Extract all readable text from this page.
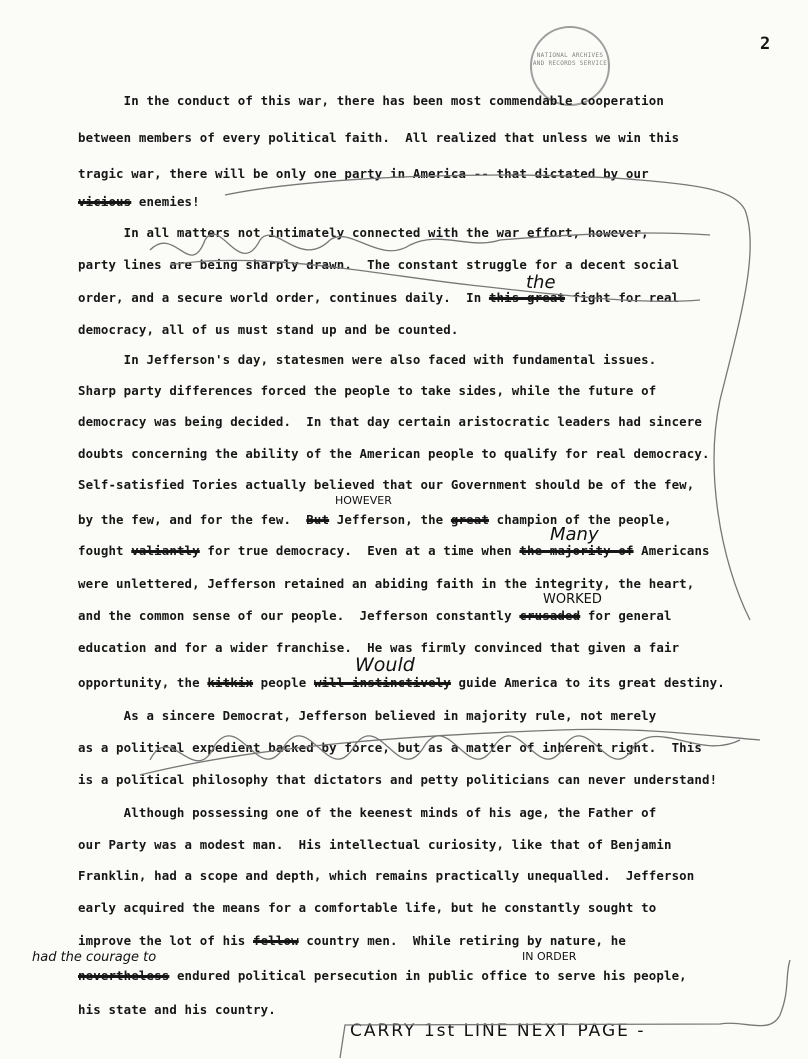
NATIONAL ARCHIVES AND RECORDS SERVICE
2
In the conduct of this war, there has been most commendable cooperation
between members of every political faith.  All realized that unless we win this
tragic war, there will be only one party in America -- that dictated by our
vicious enemies!
In all matters not intimately connected with the war effort, however,
party lines are being sharply drawn.  The constant struggle for a decent social
order, and a secure world order, continues daily.  In this great fight for real
democracy, all of us must stand up and be counted.
In Jefferson's day, statesmen were also faced with fundamental issues.
Sharp party differences forced the people to take sides, while the future of
democracy was being decided.  In that day certain aristocratic leaders had sincere
doubts concerning the ability of the American people to qualify for real democracy.
Self-satisfied Tories actually believed that our Government should be of the few,
by the few, and for the few.  But Jefferson, the great champion of the people,
fought valiantly for true democracy.  Even at a time when the majority of Americans
were unlettered, Jefferson retained an abiding faith in the integrity, the heart,
and the common sense of our people.  Jefferson constantly crusaded for general
education and for a wider franchise.  He was firmly convinced that given a fair
opportunity, the kitkix people will instinctively guide America to its great destiny.
As a sincere Democrat, Jefferson believed in majority rule, not merely
as a political expedient backed by force, but as a matter of inherent right.  This
is a political philosophy that dictators and petty politicians can never understand!
Although possessing one of the keenest minds of his age, the Father of
our Party was a modest man.  His intellectual curiosity, like that of Benjamin
Franklin, had a scope and depth, which remains practically unequalled.  Jefferson
early acquired the means for a comfortable life, but he constantly sought to
improve the lot of his fellow country men.  While retiring by nature, he
nevertheless endured political persecution in public office to serve his people,
his state and his country.
the
HOWEVER
Many
WORKED
Would
IN ORDER
had the courage to
CARRY 1st LINE NEXT PAGE -
